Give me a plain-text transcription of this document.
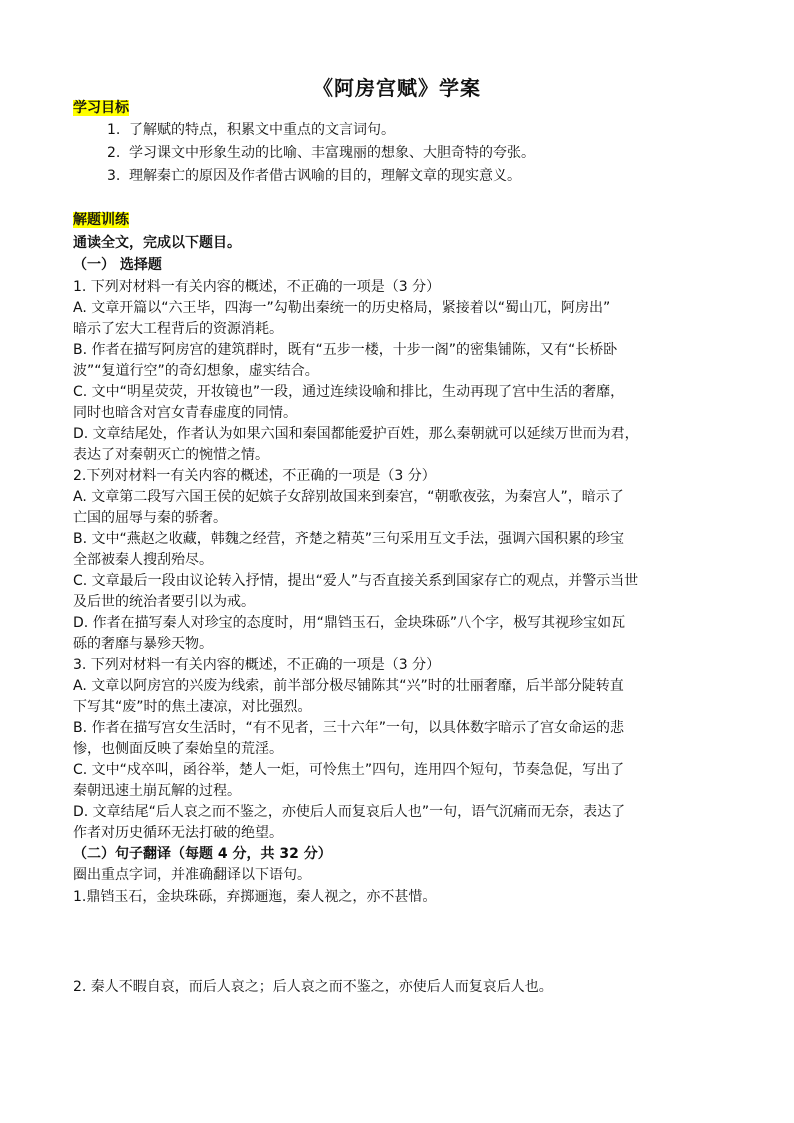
《阿房宫赋》学案
学习目标
1. 了解赋的特点，积累文中重点的文言词句。
2. 学习课文中形象生动的比喻、丰富瑰丽的想象、大胆奇特的夸张。
3. 理解秦亡的原因及作者借古讽喻的目的，理解文章的现实意义。
解题训练
通读全文，完成以下题目。
（一） 选择题
1. 下列对材料一有关内容的概述，不正确的一项是（3 分）
A. 文章开篇以“六王毕，四海一”勾勒出秦统一的历史格局，紧接着以“蜀山兀，阿房出”
暗示了宏大工程背后的资源消耗。
B. 作者在描写阿房宫的建筑群时，既有“五步一楼，十步一阁”的密集铺陈，又有“长桥卧
波”“复道行空”的奇幻想象，虚实结合。
C. 文中“明星荧荧，开妆镜也”一段，通过连续设喻和排比，生动再现了宫中生活的奢靡，
同时也暗含对宫女青春虚度的同情。
D. 文章结尾处，作者认为如果六国和秦国都能爱护百姓，那么秦朝就可以延续万世而为君，
表达了对秦朝灭亡的惋惜之情。
2.下列对材料一有关内容的概述，不正确的一项是（3 分）
A. 文章第二段写六国王侯的妃嫔子女辞别故国来到秦宫，“朝歌夜弦，为秦宫人”，暗示了
亡国的屈辱与秦的骄奢。
B. 文中“燕赵之收藏，韩魏之经营，齐楚之精英”三句采用互文手法，强调六国积累的珍宝
全部被秦人搜刮殆尽。
C. 文章最后一段由议论转入抒情，提出“爱人”与否直接关系到国家存亡的观点，并警示当世
及后世的统治者要引以为戒。
D. 作者在描写秦人对珍宝的态度时，用“鼎铛玉石，金块珠砾”八个字，极写其视珍宝如瓦
砾的奢靡与暴殄天物。
3. 下列对材料一有关内容的概述，不正确的一项是（3 分）
A. 文章以阿房宫的兴废为线索，前半部分极尽铺陈其“兴”时的壮丽奢靡，后半部分陡转直
下写其“废”时的焦土凄凉，对比强烈。
B. 作者在描写宫女生活时，“有不见者，三十六年”一句，以具体数字暗示了宫女命运的悲
惨，也侧面反映了秦始皇的荒淫。
C. 文中“戍卒叫，函谷举，楚人一炬，可怜焦土”四句，连用四个短句，节奏急促，写出了
秦朝迅速土崩瓦解的过程。
D. 文章结尾“后人哀之而不鉴之，亦使后人而复哀后人也”一句，语气沉痛而无奈，表达了
作者对历史循环无法打破的绝望。
（二）句子翻译（每题 4 分，共 32 分）
圈出重点字词，并准确翻译以下语句。
1.鼎铛玉石，金块珠砾，弃掷逦迤，秦人视之，亦不甚惜。
2. 秦人不暇自哀，而后人哀之；后人哀之而不鉴之，亦使后人而复哀后人也。
